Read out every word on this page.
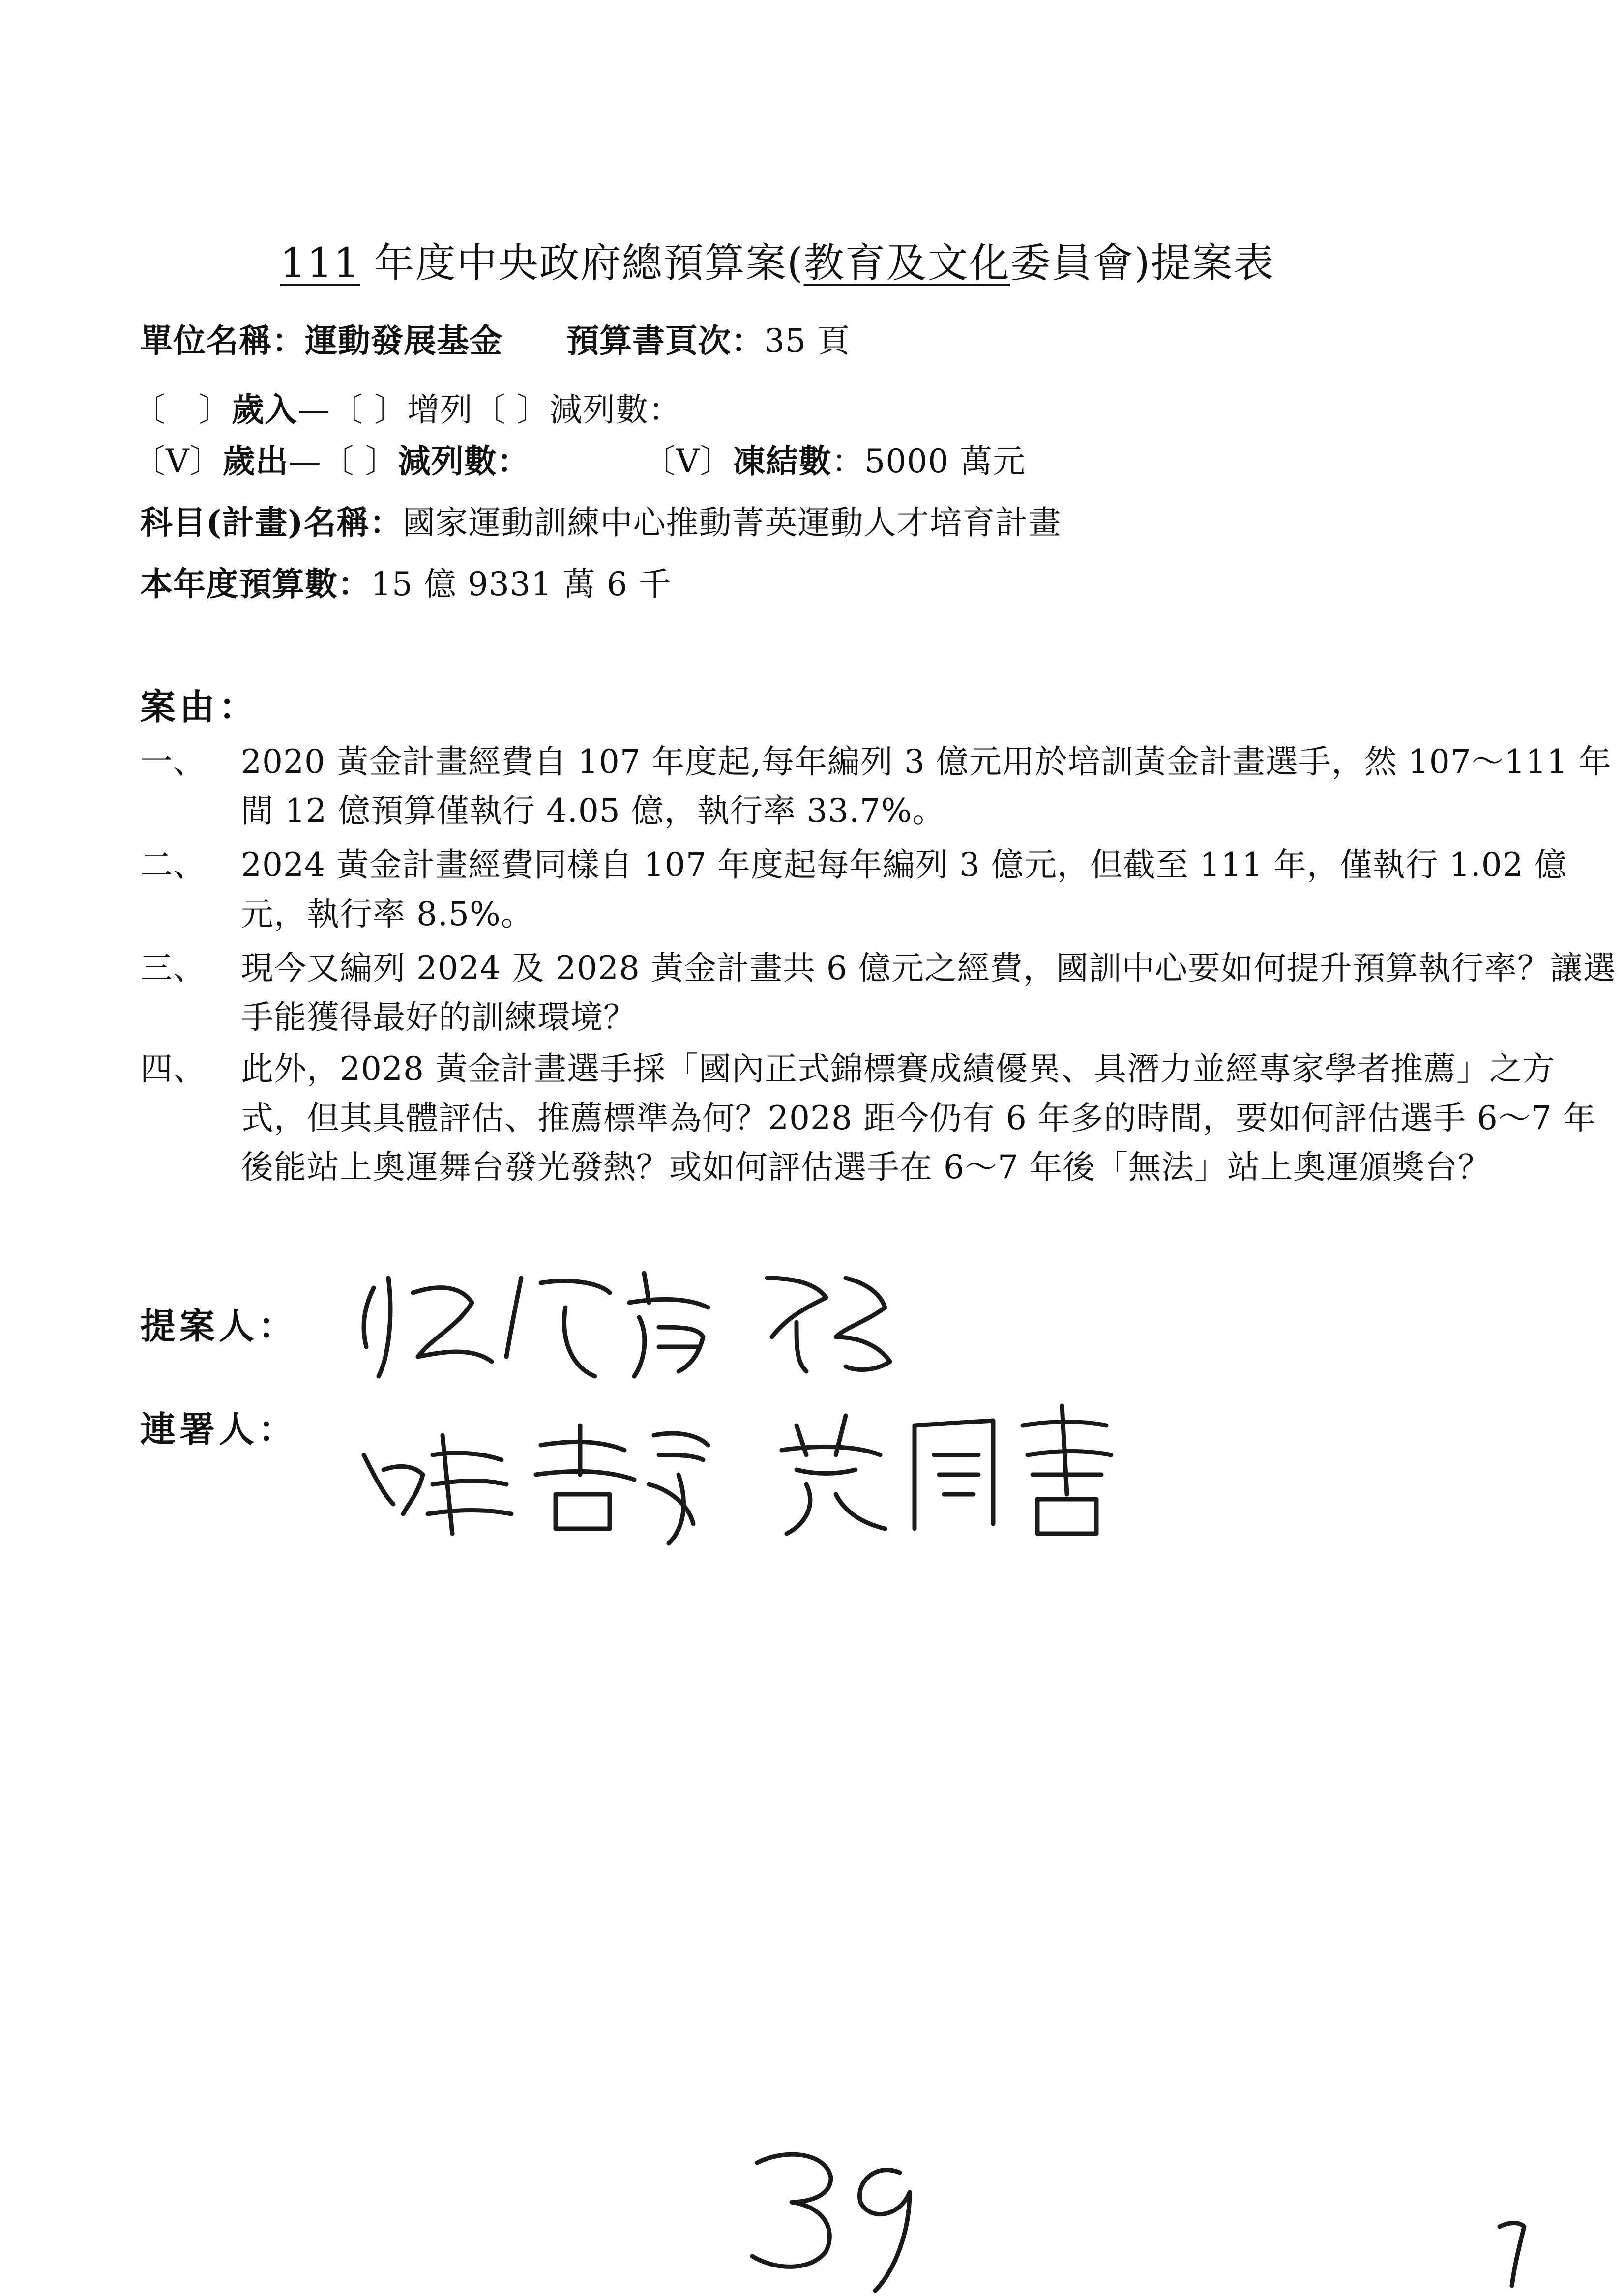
111 年度中央政府總預算案(教育及文化委員會)提案表
單位名稱：運動發展基金 預算書頁次：35 頁
〔　〕歲入—〔 〕增列〔 〕減列數：
〔V〕歲出—〔 〕減列數：	〔V〕凍結數：5000 萬元
科目(計畫)名稱：國家運動訓練中心推動菁英運動人才培育計畫
本年度預算數：15 億 9331 萬 6 千
案由：
一、	2020 黃金計畫經費自 107 年度起,每年編列 3 億元用於培訓黃金計畫選手，然 107～111 年間 12 億預算僅執行 4.05 億，執行率 33.7%。
二、	2024 黃金計畫經費同樣自 107 年度起每年編列 3 億元，但截至 111 年，僅執行 1.02 億元，執行率 8.5%。
三、	現今又編列 2024 及 2028 黃金計畫共 6 億元之經費，國訓中心要如何提升預算執行率？讓選手能獲得最好的訓練環境？
四、	此外，2028 黃金計畫選手採「國內正式錦標賽成績優異、具潛力並經專家學者推薦」之方式，但其具體評估、推薦標準為何？2028 距今仍有 6 年多的時間，要如何評估選手 6～7 年後能站上奧運舞台發光發熱？或如何評估選手在 6～7 年後「無法」站上奧運頒獎台？
提案人：
連署人：
